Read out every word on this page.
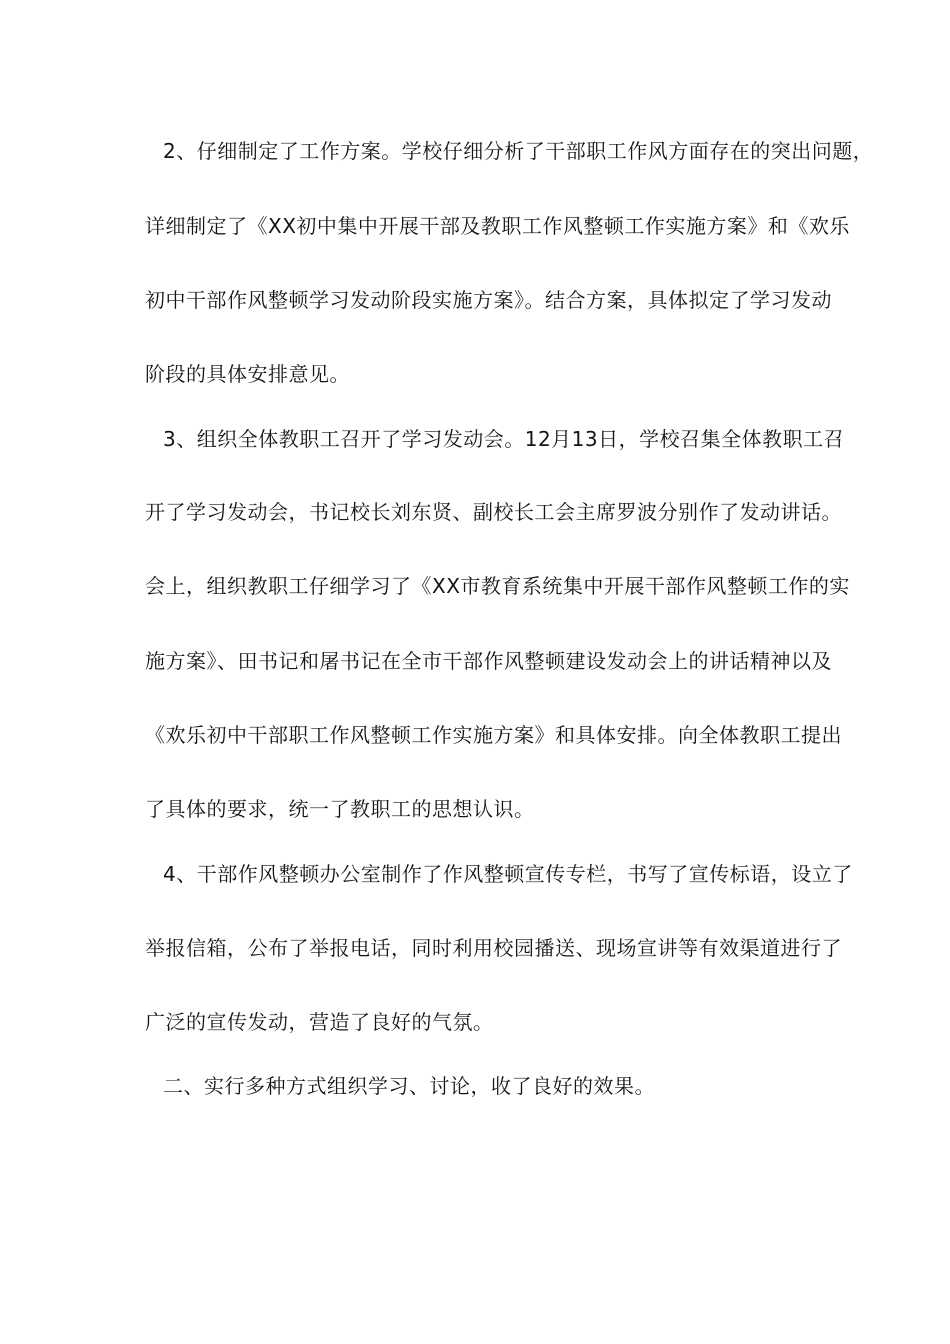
2、仔细制定了工作方案。学校仔细分析了干部职工作风方面存在的突出问题，
详细制定了《XX初中集中开展干部及教职工作风整顿工作实施方案》和《欢乐
初中干部作风整顿学习发动阶段实施方案》。结合方案，具体拟定了学习发动
阶段的具体安排意见。
3、组织全体教职工召开了学习发动会。12月13日，学校召集全体教职工召
开了学习发动会，书记校长刘东贤、副校长工会主席罗波分别作了发动讲话。
会上，组织教职工仔细学习了《XX市教育系统集中开展干部作风整顿工作的实
施方案》、田书记和屠书记在全市干部作风整顿建设发动会上的讲话精神以及
《欢乐初中干部职工作风整顿工作实施方案》和具体安排。向全体教职工提出
了具体的要求，统一了教职工的思想认识。
4、干部作风整顿办公室制作了作风整顿宣传专栏，书写了宣传标语，设立了
举报信箱，公布了举报电话，同时利用校园播送、现场宣讲等有效渠道进行了
广泛的宣传发动，营造了良好的气氛。
二、实行多种方式组织学习、讨论，收了良好的效果。
